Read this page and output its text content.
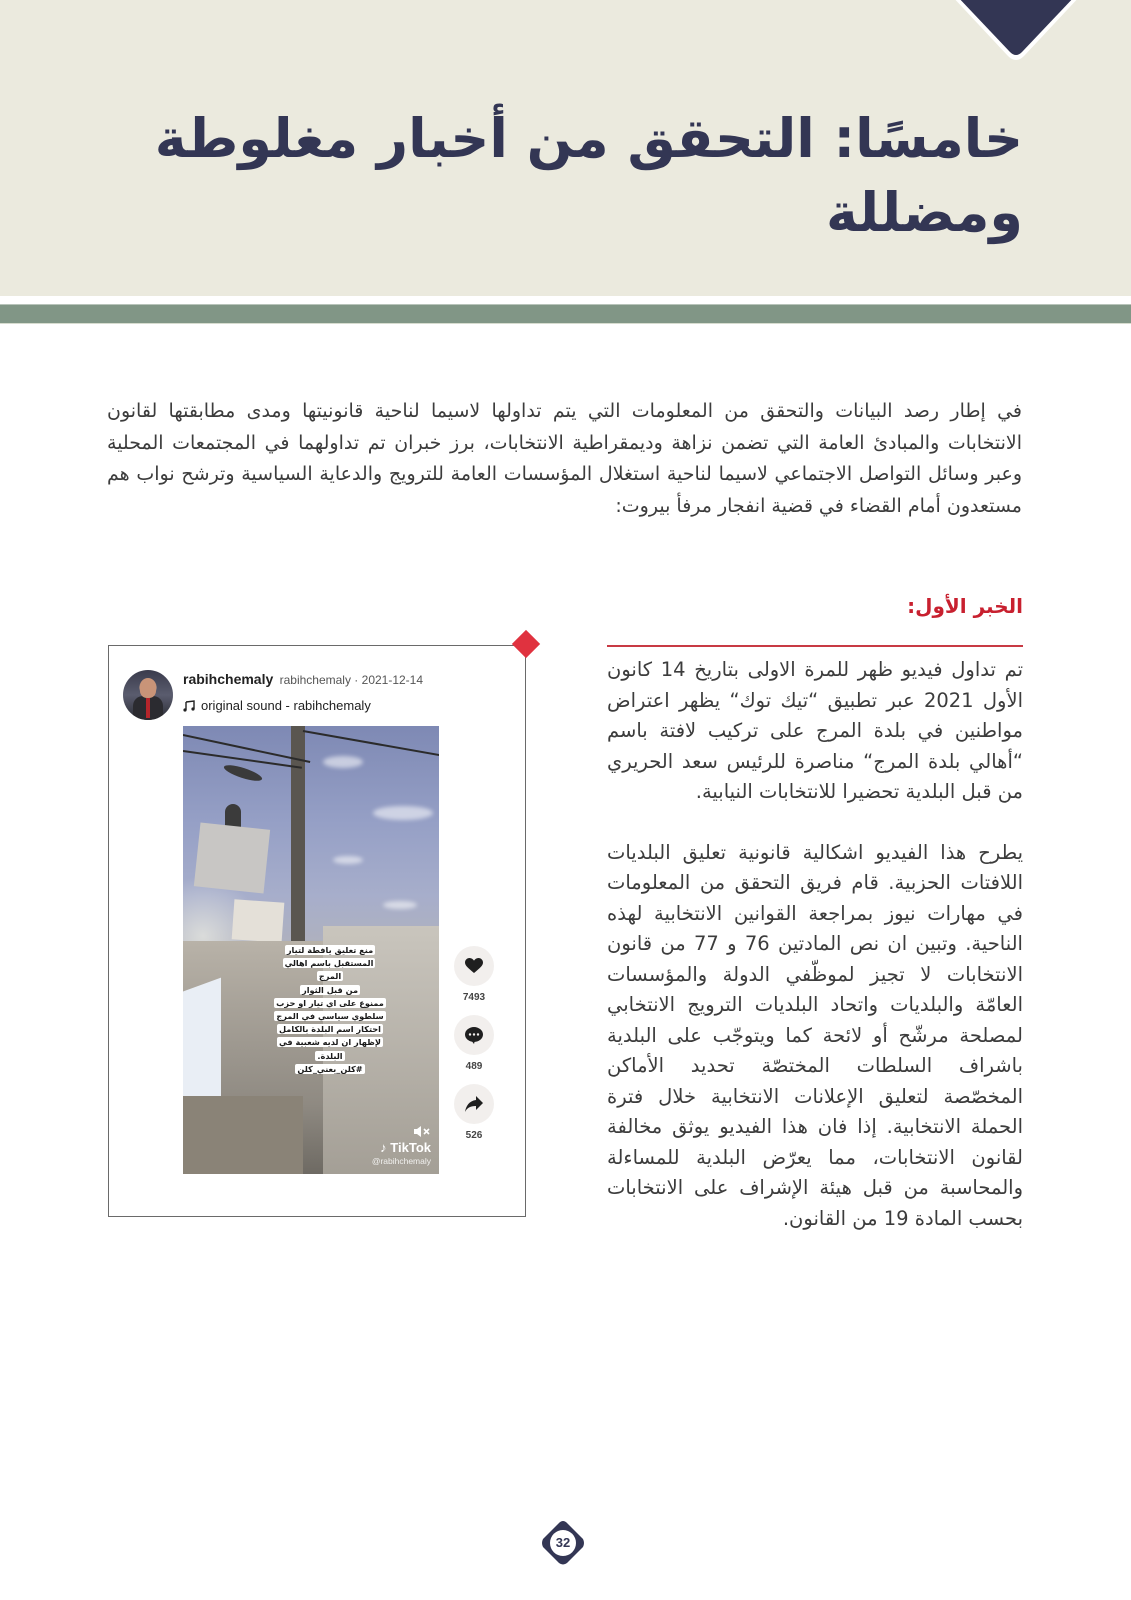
خامسًا: التحقق من أخبار مغلوطة ومضللة

في إطار رصد البيانات والتحقق من المعلومات التي يتم تداولها لاسيما لناحية قانونيتها ومدى مطابقتها لقانون الانتخابات والمبادئ العامة التي تضمن نزاهة وديمقراطية الانتخابات، برز خبران تم تداولهما في المجتمعات المحلية وعبر وسائل التواصل الاجتماعي لاسيما لناحية استغلال المؤسسات العامة للترويج والدعاية السياسية وترشح نواب هم مستعدون أمام القضاء في قضية انفجار مرفأ بيروت:

الخبر الأول:

تم تداول فيديو ظهر للمرة الاولى بتاريخ 14 كانون الأول 2021 عبر تطبيق “تيك توك“ يظهر اعتراض مواطنين في بلدة المرج على تركيب لافتة باسم “أهالي بلدة المرج“ مناصرة للرئيس سعد الحريري من قبل البلدية تحضيرا للانتخابات النيابية.

يطرح هذا الفيديو اشكالية قانونية تعليق البلديات اللافتات الحزبية. قام فريق التحقق من المعلومات في مهارات نيوز بمراجعة القوانين الانتخابية لهذه الناحية. وتبين ان نص المادتين 76 و 77 من قانون الانتخابات لا تجيز لموظّفي الدولة والمؤسسات العامّة والبلديات واتحاد البلديات الترويج الانتخابي لمصلحة مرشّح أو لائحة كما ويتوجّب على البلدية باشراف السلطات المختصّة تحديد الأماكن المخصّصة لتعليق الإعلانات الانتخابية خلال فترة الحملة الانتخابية. إذا فان هذا الفيديو يوثق مخالفة لقانون الانتخابات، مما يعرّض البلدية للمساءلة والمحاسبة من قبل هيئة الإشراف على الانتخابات بحسب المادة 19 من القانون.

rabihchemaly rabihchemaly · 2021-12-14
original sound - rabihchemaly
منع تعليق يافطة لتيار
المستقبل باسم اهالي المرج
من قبل الثوار
ممنوع على اي تيار او حزب
سلطوي سياسي في المرج
احتكار اسم البلدة بالكامل
لإظهار ان لديه شعبية في
البلدة.
#كلن_يعني_كلن
♪ TikTok
@rabihchemaly
7493
489
526
32
